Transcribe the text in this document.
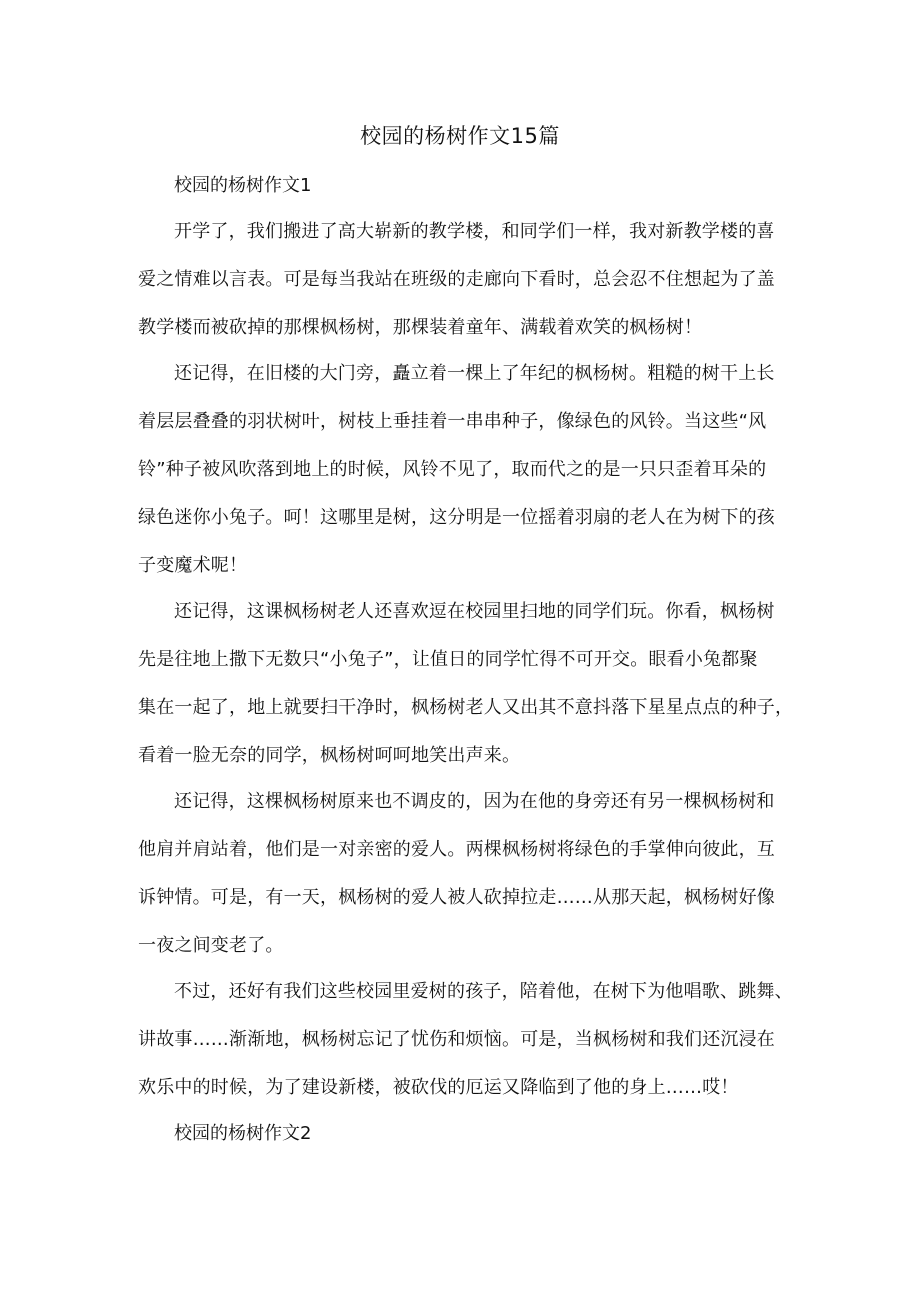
校园的杨树作文15篇
校园的杨树作文1
开学了，我们搬进了高大崭新的教学楼，和同学们一样，我对新教学楼的喜
爱之情难以言表。可是每当我站在班级的走廊向下看时，总会忍不住想起为了盖
教学楼而被砍掉的那棵枫杨树，那棵装着童年、满载着欢笑的枫杨树！
还记得，在旧楼的大门旁，矗立着一棵上了年纪的枫杨树。粗糙的树干上长
着层层叠叠的羽状树叶，树枝上垂挂着一串串种子，像绿色的风铃。当这些“风
铃”种子被风吹落到地上的时候，风铃不见了，取而代之的是一只只歪着耳朵的
绿色迷你小兔子。呵！这哪里是树，这分明是一位摇着羽扇的老人在为树下的孩
子变魔术呢！
还记得，这课枫杨树老人还喜欢逗在校园里扫地的同学们玩。你看，枫杨树
先是往地上撒下无数只“小兔子”，让值日的同学忙得不可开交。眼看小兔都聚
集在一起了，地上就要扫干净时，枫杨树老人又出其不意抖落下星星点点的种子，
看着一脸无奈的同学，枫杨树呵呵地笑出声来。
还记得，这棵枫杨树原来也不调皮的，因为在他的身旁还有另一棵枫杨树和
他肩并肩站着，他们是一对亲密的爱人。两棵枫杨树将绿色的手掌伸向彼此，互
诉钟情。可是，有一天，枫杨树的爱人被人砍掉拉走……从那天起，枫杨树好像
一夜之间变老了。
不过，还好有我们这些校园里爱树的孩子，陪着他，在树下为他唱歌、跳舞、
讲故事……渐渐地，枫杨树忘记了忧伤和烦恼。可是，当枫杨树和我们还沉浸在
欢乐中的时候，为了建设新楼，被砍伐的厄运又降临到了他的身上……哎！
校园的杨树作文2
